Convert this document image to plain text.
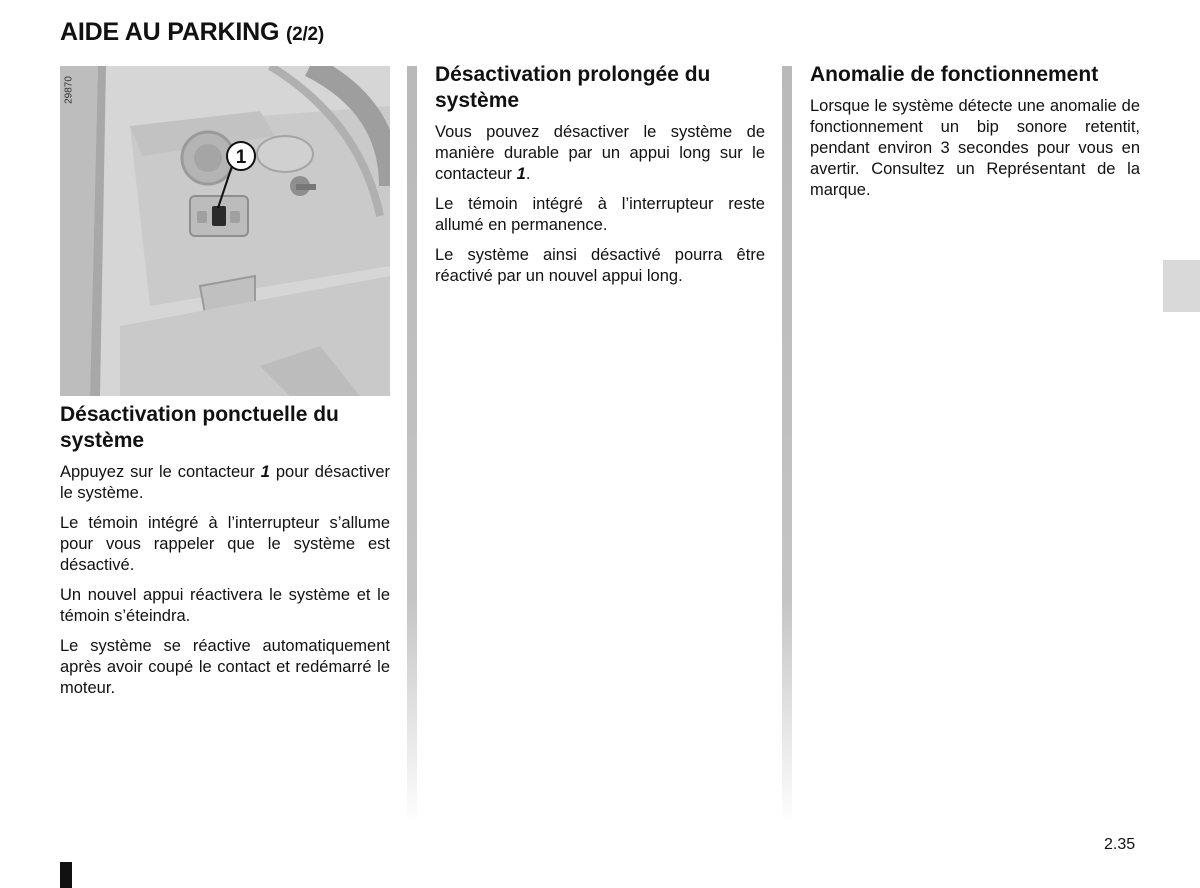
AIDE AU PARKING (2/2)
1
29870
Désactivation ponctuelle du système

Appuyez sur le contacteur 1 pour désactiver le système.

Le témoin intégré à l’interrupteur s’allume pour vous rappeler que le système est désactivé.

Un nouvel appui réactivera le système et le témoin s’éteindra.

Le système se réactive automatiquement après avoir coupé le contact et redémarré le moteur.

Désactivation prolongée du système

Vous pouvez désactiver le système de manière durable par un appui long sur le contacteur 1.

Le témoin intégré à l’interrupteur reste allumé en permanence.

Le système ainsi désactivé pourra être réactivé par un nouvel appui long.

Anomalie de fonctionnement

Lorsque le système détecte une anomalie de fonctionnement un bip sonore retentit, pendant environ 3 secondes pour vous en avertir. Consultez un Représentant de la marque.

2.35
